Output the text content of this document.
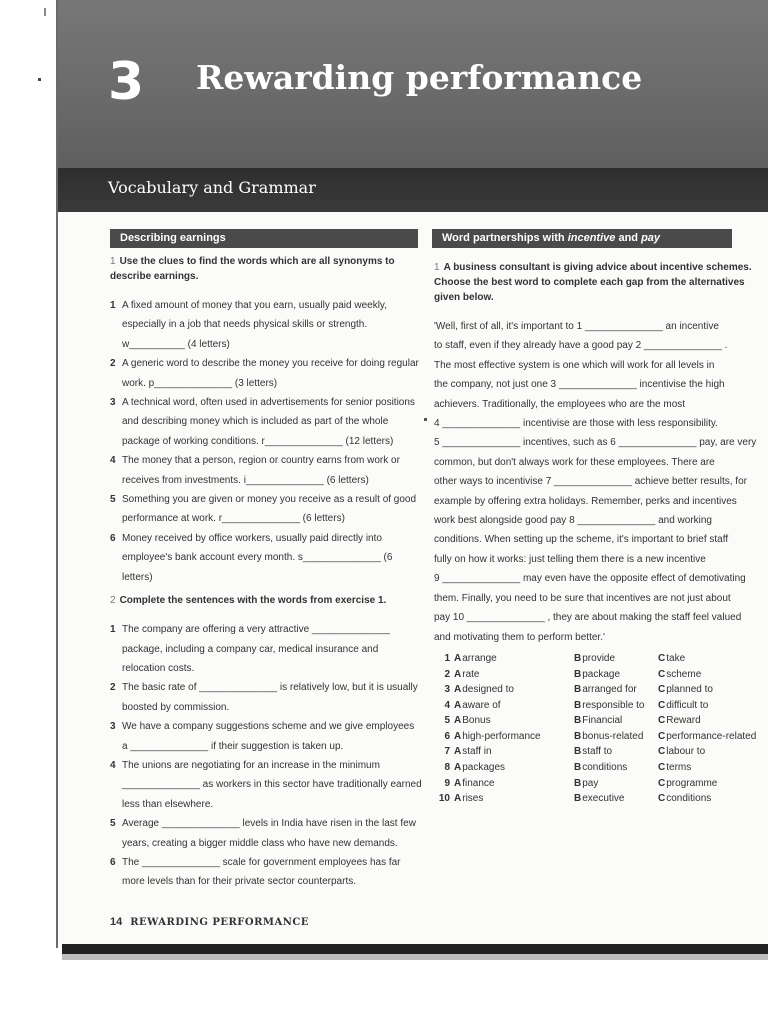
3 Rewarding performance
Vocabulary and Grammar
Describing earnings	Word partnerships with incentive and pay
1 Use the clues to find the words which are all synonyms to describe earnings.
1 A fixed amount of money that you earn, usually paid weekly, especially in a job that needs physical skills or strength. w__________ (4 letters)
2 A generic word to describe the money you receive for doing regular work. p______________ (3 letters)
3 A technical word, often used in advertisements for senior positions and describing money which is included as part of the whole package of working conditions. r______________ (12 letters)
4 The money that a person, region or country earns from work or receives from investments. i______________ (6 letters)
5 Something you are given or money you receive as a result of good performance at work. r______________ (6 letters)
6 Money received by office workers, usually paid directly into employee's bank account every month. s______________ (6 letters)
2 Complete the sentences with the words from exercise 1.
1 The company are offering a very attractive ______________ package, including a company car, medical insurance and relocation costs.
2 The basic rate of ______________ is relatively low, but it is usually boosted by commission.
3 We have a company suggestions scheme and we give employees a ______________ if their suggestion is taken up.
4 The unions are negotiating for an increase in the minimum ______________ as workers in this sector have traditionally earned less than elsewhere.
5 Average ______________ levels in India have risen in the last few years, creating a bigger middle class who have new demands.
6 The ______________ scale for government employees has far more levels than for their private sector counterparts.
1 A business consultant is giving advice about incentive schemes. Choose the best word to complete each gap from the alternatives given below.
'Well, first of all, it's important to 1 ______________ an incentive
to staff, even if they already have a good pay 2 ______________ .
The most effective system is one which will work for all levels in
the company, not just one 3 ______________ incentivise the high
achievers. Traditionally, the employees who are the most
4 ______________ incentivise are those with less responsibility.
5 ______________ incentives, such as 6 ______________ pay, are very
common, but don't always work for these employees. There are
other ways to incentivise 7 ______________ achieve better results, for
example by offering extra holidays. Remember, perks and incentives
work best alongside good pay 8 ______________ and working
conditions. When setting up the scheme, it's important to brief staff
fully on how it works: just telling them there is a new incentive
9 ______________ may even have the opposite effect of demotivating
them. Finally, you need to be sure that incentives are not just about
pay 10 ______________ , they are about making the staff feel valued
and motivating them to perform better.'
1	Aarrange	Bprovide	Ctake
2	Arate	Bpackage	Cscheme
3	Adesigned to	Barranged for	Cplanned to
4	Aaware of	Bresponsible to	Cdifficult to
5	ABonus	BFinancial	CReward
6	Ahigh-performance	Bbonus-related	Cperformance-related
7	Astaff in	Bstaff to	Clabour to
8	Apackages	Bconditions	Cterms
9	Afinance	Bpay	Cprogramme
10	Arises	Bexecutive	Cconditions
14 REWARDING PERFORMANCE
